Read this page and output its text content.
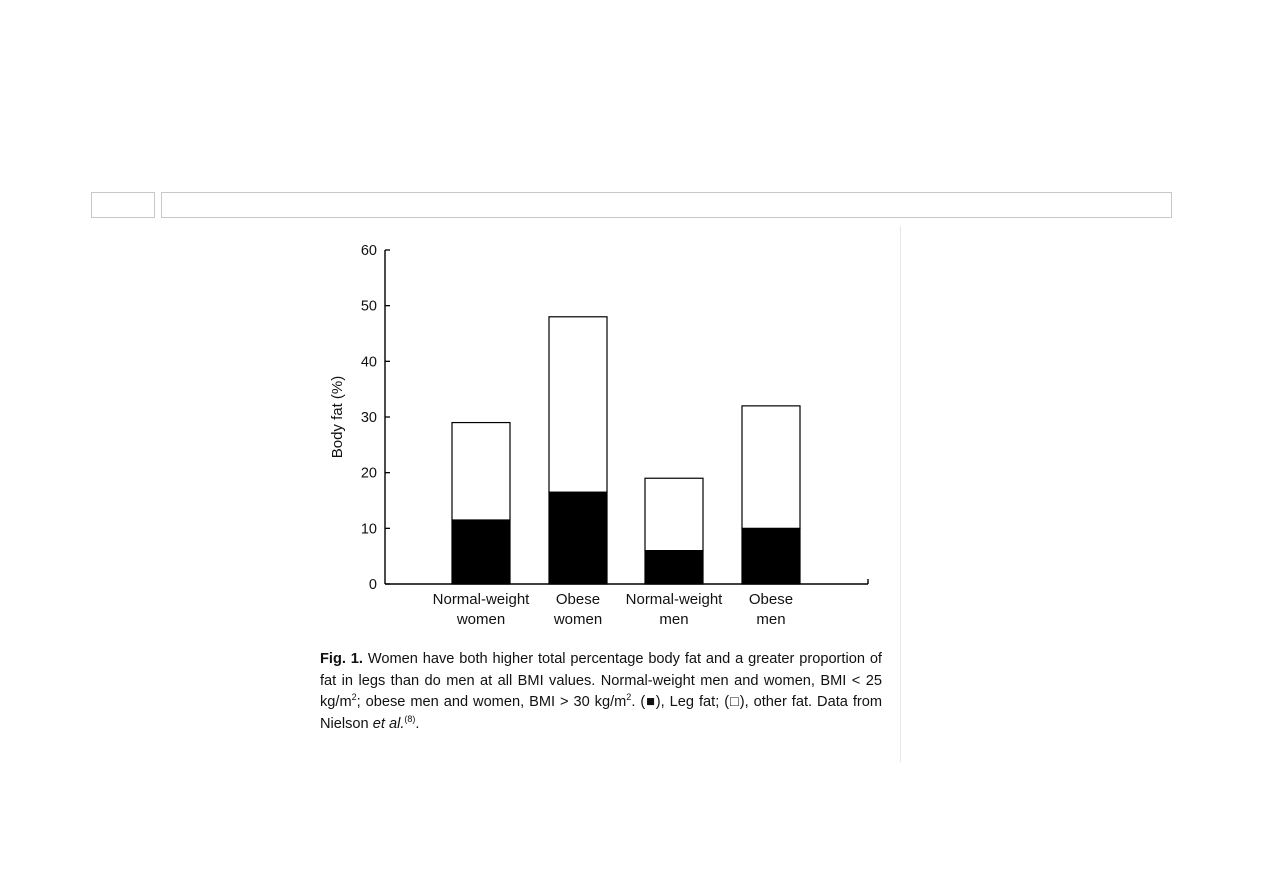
0
10
20
30
40
50
60
Body fat (%)
Normal-weight
women
Obese
women
Normal-weight
men
Obese
men
Fig. 1. Women have both higher total percentage body fat and a greater proportion of fat in legs than do men at all BMI values. Normal-weight men and women, BMI < 25 $kg/m^2$; obese men and women, BMI > 30 $kg/m^2$. (■), Leg fat; (□), other fat. Data from Nielson et al.$^{(8)}$.
